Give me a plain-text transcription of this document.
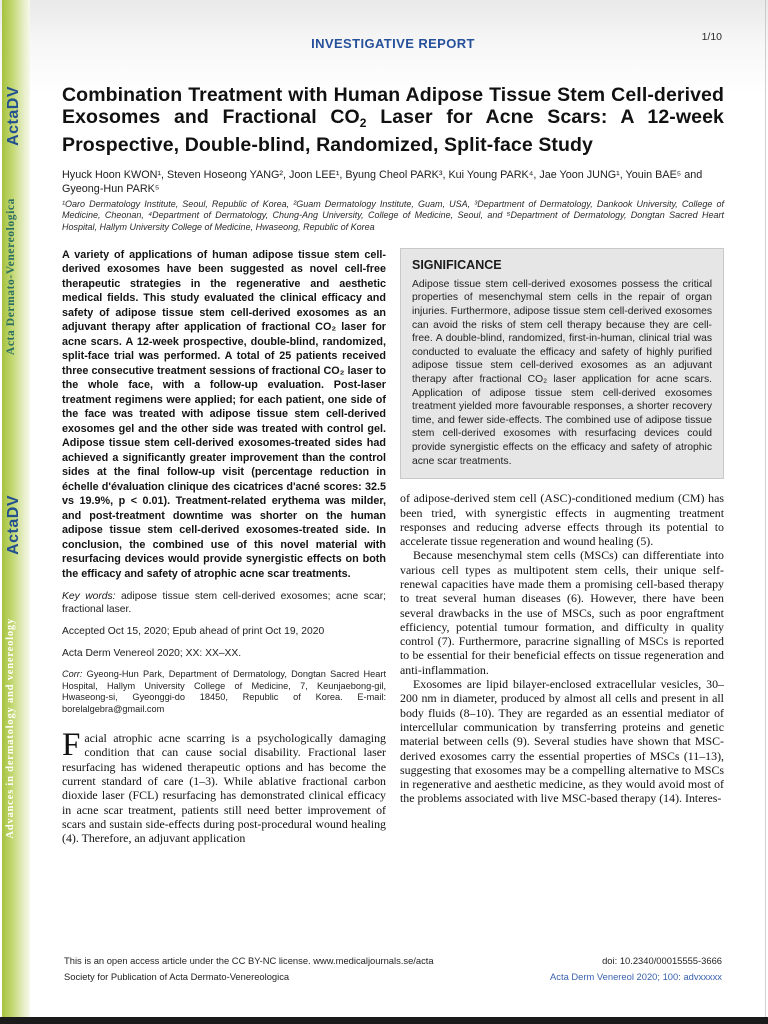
ActaDV
Acta Dermato-Venereologica
ActaDV
Advances in dermatology and venereology
INVESTIGATIVE REPORT	1/10
Combination Treatment with Human Adipose Tissue Stem Cell-derived Exosomes and Fractional $CO_2$ Laser for Acne Scars: A 12-week Prospective, Double-blind, Randomized, Split-face Study
Hyuck Hoon KWON¹, Steven Hoseong YANG², Joon LEE¹, Byung Cheol PARK³, Kui Young PARK⁴, Jae Yoon JUNG¹, Youin BAE⁵ and Gyeong-Hun PARK⁵
¹Oaro Dermatology Institute, Seoul, Republic of Korea, ²Guam Dermatology Institute, Guam, USA, ³Department of Dermatology, Dankook University, College of Medicine, Cheonan, ⁴Department of Dermatology, Chung-Ang University, College of Medicine, Seoul, and ⁵Department of Dermatology, Dongtan Sacred Heart Hospital, Hallym University College of Medicine, Hwaseong, Republic of Korea
A variety of applications of human adipose tissue stem cell-derived exosomes have been suggested as novel cell-free therapeutic strategies in the regenerative and aesthetic medical fields. This study evaluated the clinical efficacy and safety of adipose tissue stem cell-derived exosomes as an adjuvant therapy after application of fractional CO₂ laser for acne scars. A 12-week prospective, double-blind, randomized, split-face trial was performed. A total of 25 patients received three consecutive treatment sessions of fractional CO₂ laser to the whole face, with a follow-up evaluation. Post-laser treatment regimens were applied; for each patient, one side of the face was treated with adipose tissue stem cell-derived exosomes gel and the other side was treated with control gel. Adipose tissue stem cell-derived exosomes-treated sides had achieved a significantly greater improvement than the control sides at the final follow-up visit (percentage reduction in échelle d'évaluation clinique des cicatrices d'acné scores: 32.5 vs 19.9%, p < 0.01). Treatment-related erythema was milder, and post-treatment downtime was shorter on the human adipose tissue stem cell-derived exosomes-treated side. In conclusion, the combined use of this novel material with resurfacing devices would provide synergistic effects on both the efficacy and safety of atrophic acne scar treatments.
Key words: adipose tissue stem cell-derived exosomes; acne scar; fractional laser.
Accepted Oct 15, 2020; Epub ahead of print Oct 19, 2020
Acta Derm Venereol 2020; XX: XX–XX.
Corr: Gyeong-Hun Park, Department of Dermatology, Dongtan Sacred Heart Hospital, Hallym University College of Medicine, 7, Keunjaebong-gil, Hwaseong-si, Gyeonggi-do 18450, Republic of Korea. E-mail: borelalgebra@gmail.com
Facial atrophic acne scarring is a psychologically damaging condition that can cause social disability. Fractional laser resurfacing has widened therapeutic options and has become the current standard of care (1–3). While ablative fractional carbon dioxide laser (FCL) resurfacing has demonstrated clinical efficacy in acne scar treatment, patients still need better improvement of scars and sustain side-effects during post-procedural wound healing (4). Therefore, an adjuvant application
SIGNIFICANCE
Adipose tissue stem cell-derived exosomes possess the critical properties of mesenchymal stem cells in the repair of organ injuries. Furthermore, adipose tissue stem cell-derived exosomes can avoid the risks of stem cell therapy because they are cell-free. A double-blind, randomized, first-in-human, clinical trial was conducted to evaluate the efficacy and safety of highly purified adipose tissue stem cell-derived exosomes as an adjuvant therapy after fractional CO₂ laser application for acne scars. Application of adipose tissue stem cell-derived exosomes treatment yielded more favourable responses, a shorter recovery time, and fewer side-effects. The combined use of adipose tissue stem cell-derived exosomes with resurfacing devices could provide synergistic effects on the efficacy and safety of atrophic acne scar treatments.

of adipose-derived stem cell (ASC)-conditioned medium (CM) has been tried, with synergistic effects in augmenting treatment responses and reducing adverse effects through its potential to accelerate tissue regeneration and wound healing (5).

Because mesenchymal stem cells (MSCs) can differentiate into various cell types as multipotent stem cells, their unique self-renewal capacities have made them a promising cell-based therapy to treat several human diseases (6). However, there have been several drawbacks in the use of MSCs, such as poor engraftment efficiency, potential tumour formation, and difficulty in quality control (7). Furthermore, paracrine signalling of MSCs is reported to be essential for their beneficial effects on tissue regeneration and anti-inflammation.

Exosomes are lipid bilayer-enclosed extracellular vesicles, 30–200 nm in diameter, produced by almost all cells and present in all body fluids (8–10). They are regarded as an essential mediator of intercellular communication by transferring proteins and genetic material between cells (9). Several studies have shown that MSC-derived exosomes carry the essential properties of MSCs (11–13), suggesting that exosomes may be a compelling alternative to MSCs in regenerative and aesthetic medicine, as they would avoid most of the problems associated with live MSC-based therapy (14). Interes-

This is an open access article under the CC BY-NC license. www.medicaljournals.se/acta
Society for Publication of Acta Dermato-Venereologica
doi: 10.2340/00015555-3666
Acta Derm Venereol 2020; 100: advxxxxx
